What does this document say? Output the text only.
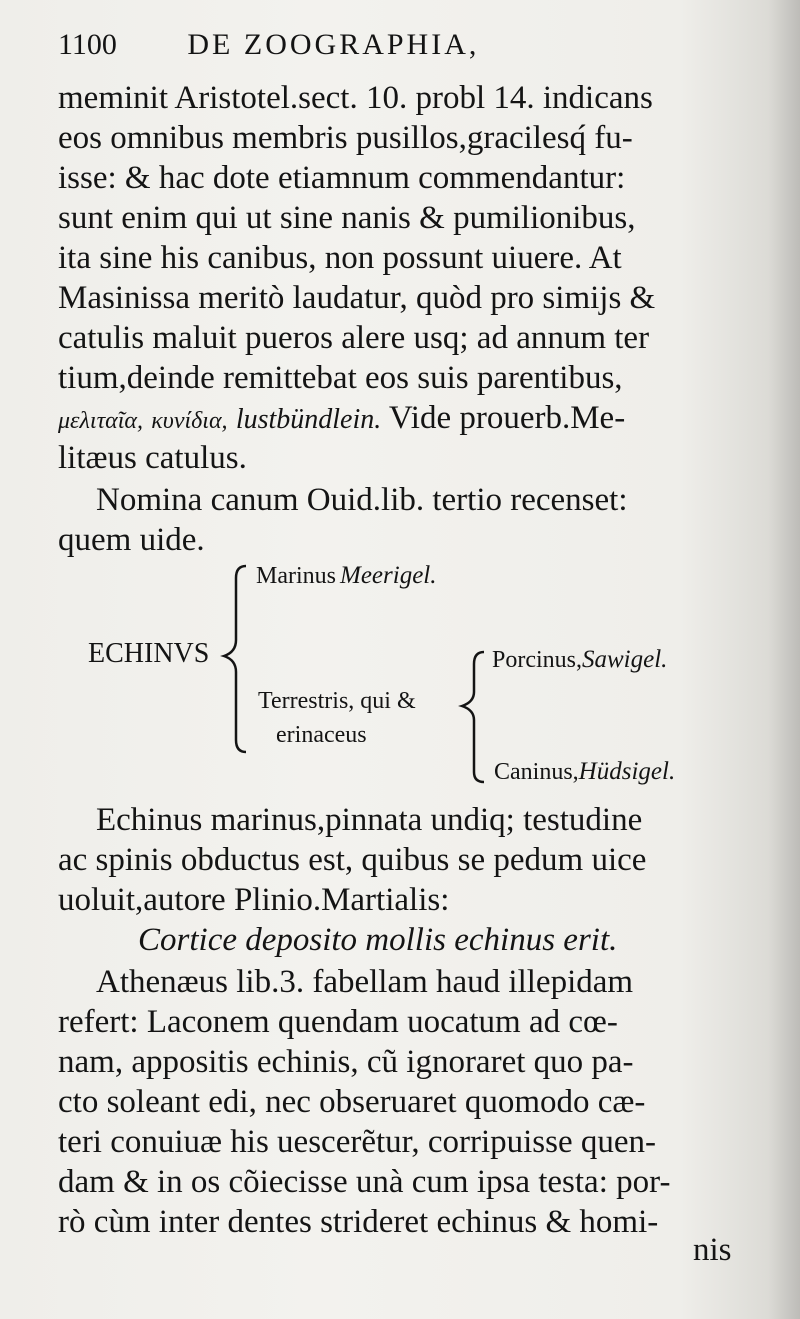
1100 DE ZOOGRAPHIA,
meminit Aristotel.sect. 10. probl 14. indicans
eos omnibus membris pusillos,gracilesq́ fu-
isse: & hac dote etiamnum commendantur:
sunt enim qui ut sine nanis & pumilionibus,
ita sine his canibus, non possunt uiuere. At
Masinissa meritò laudatur, quòd pro simijs &
catulis maluit pueros alere usq; ad annum ter
tium,deinde remittebat eos suis parentibus,
μελιταῖα, κυνίδια, lustbündlein. Vide prouerb.Me-
litæus catulus.
Nomina canum Ouid.lib. tertio recenset:
quem uide.
ECHINVS
Marinus Meerigel.
Terrestris, qui &
erinaceus
Porcinus,Sawigel.
Caninus,Hüdsigel.
Echinus marinus,pinnata undiq; testudine
ac spinis obductus est, quibus se pedum uice
uoluit,autore Plinio.Martialis:
Cortice deposito mollis echinus erit.
Athenæus lib.3. fabellam haud illepidam
refert: Laconem quendam uocatum ad cœ-
nam, appositis echinis, cũ ignoraret quo pa-
cto soleant edi, nec obseruaret quomodo cæ-
teri conuiuæ his uescerẽtur, corripuisse quen-
dam & in os cõiecisse unà cum ipsa testa: por-
rò cùm inter dentes strideret echinus & homi-
nis
